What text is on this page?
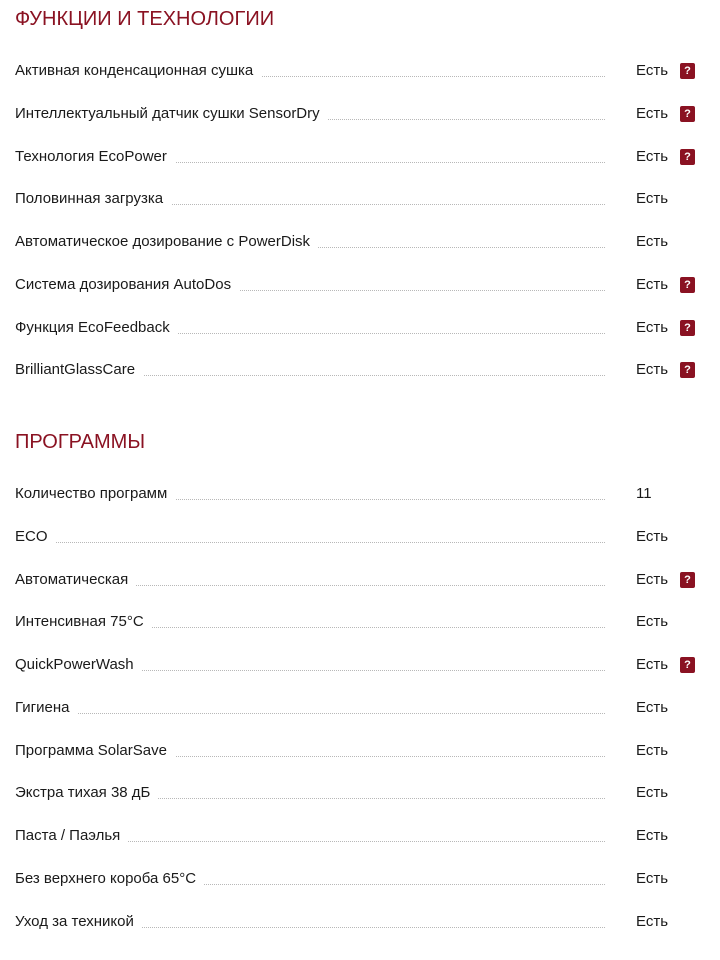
ФУНКЦИИ И ТЕХНОЛОГИИ
Активная конденсационная сушка	Есть	?
Интеллектуальный датчик сушки SensorDry	Есть	?
Технология EcoPower	Есть	?
Половинная загрузка	Есть
Автоматическое дозирование с PowerDisk	Есть
Система дозирования AutoDos	Есть	?
Функция EcoFeedback	Есть	?
BrilliantGlassCare	Есть	?
ПРОГРАММЫ
Количество программ	11
ECO	Есть
Автоматическая	Есть	?
Интенсивная 75°C	Есть
QuickPowerWash	Есть	?
Гигиена	Есть
Программа SolarSave	Есть
Экстра тихая 38 дБ	Есть
Паста / Паэлья	Есть
Без верхнего короба 65°C	Есть
Уход за техникой	Есть
